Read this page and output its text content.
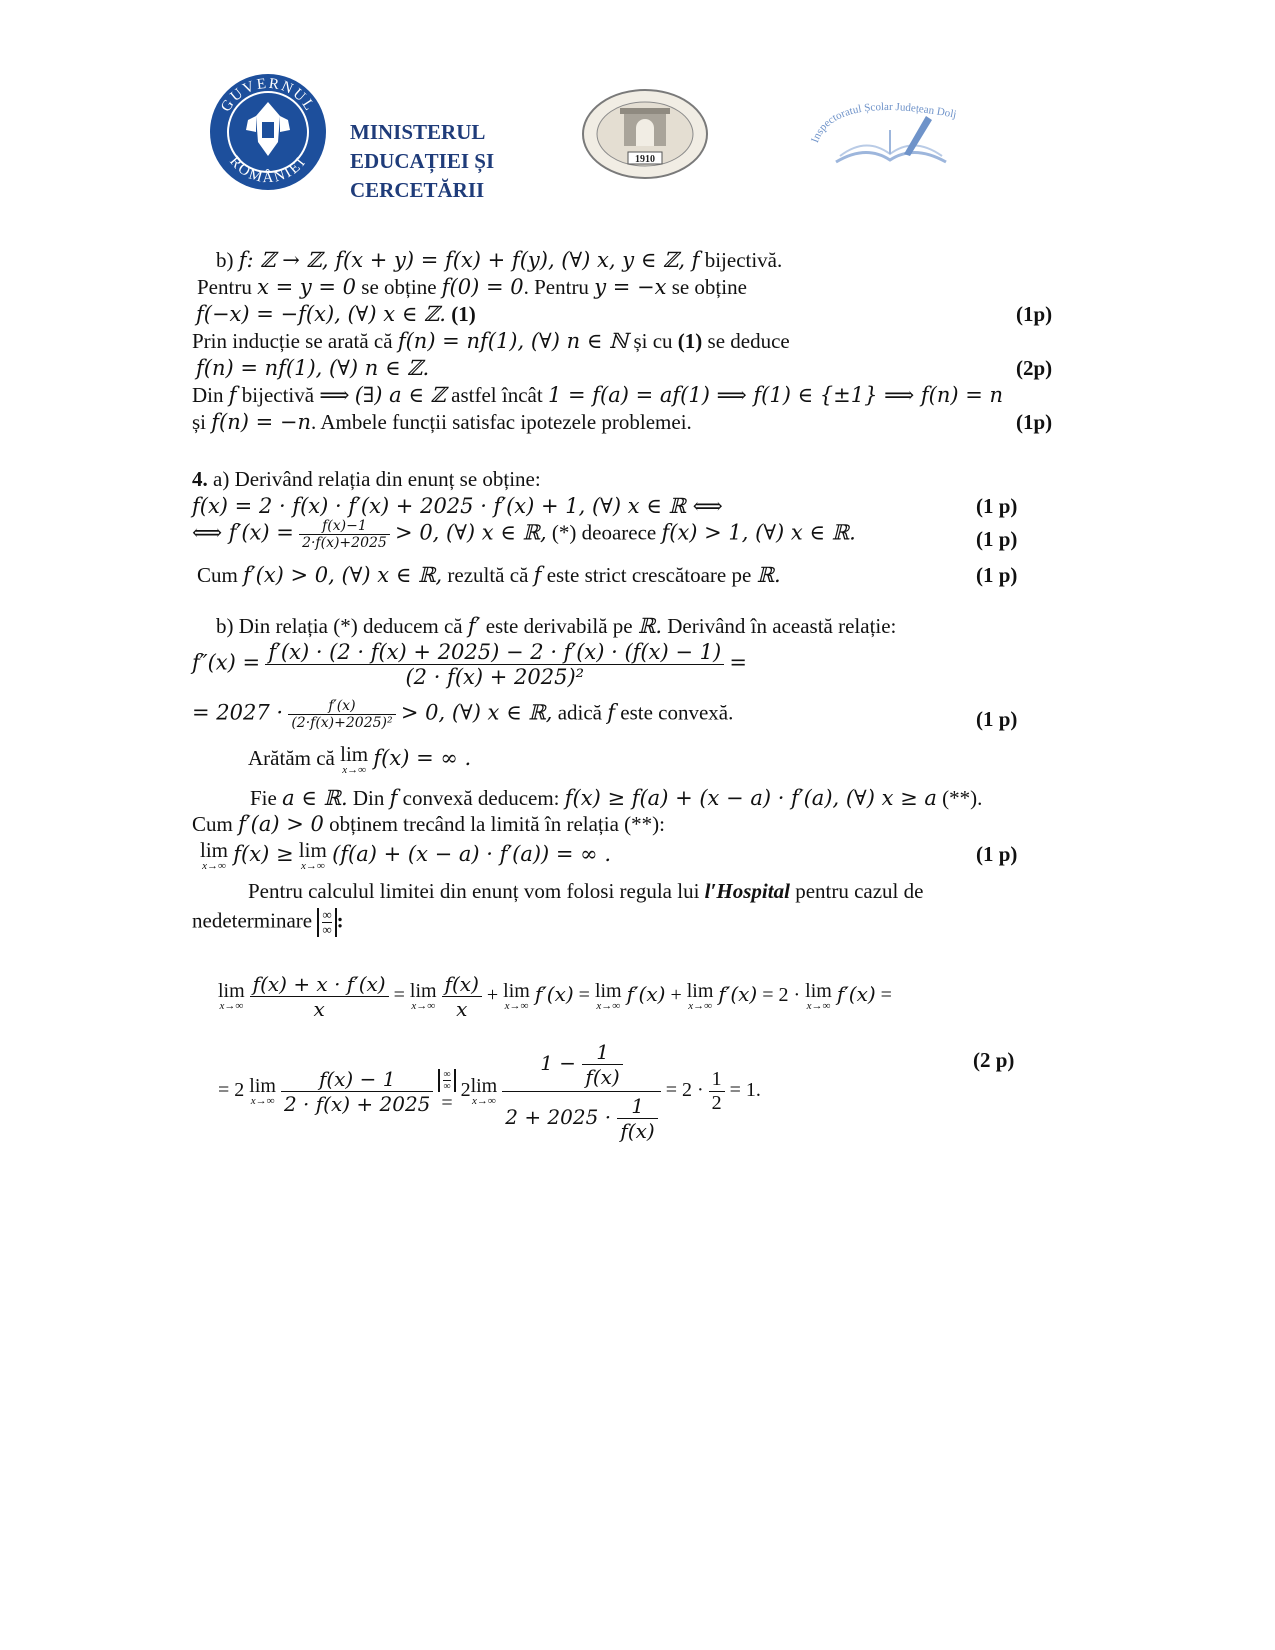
GUVERNUL
ROMÂNIEI
MINISTERUL
EDUCAȚIEI ȘI
CERCETĂRII
1910
Inspectoratul Școlar Județean Dolj
b) f: ℤ → ℤ, f(x + y) = f(x) + f(y), (∀) x, y ∈ ℤ, f bijectivă.
Pentru x = y = 0 se obține f(0) = 0. Pentru y = −x se obține
f(−x) = −f(x), (∀) x ∈ ℤ. (1)	(1p)
Prin inducție se arată că f(n) = nf(1), (∀) n ∈ ℕ și cu (1) se deduce
f(n) = nf(1), (∀) n ∈ ℤ.	(2p)
Din f bijectivă ⟹ (∃) a ∈ ℤ astfel încât 1 = f(a) = af(1) ⟹ f(1) ∈ {±1} ⟹ f(n) = n
și f(n) = −n. Ambele funcții satisfac ipotezele problemei.	(1p)
4. a) Derivând relația din enunț se obține:
f(x) = 2 · f(x) · f′(x) + 2025 · f′(x) + 1, (∀) x ∈ ℝ ⟺	(1 p)
⟺ $f'(x) = \frac{f(x)-1}{2\cdot f(x)+2025} > 0$, (∀) x ∈ ℝ, (*) deoarece f(x) > 1, (∀) x ∈ ℝ.	(1 p)
Cum f′(x) > 0, (∀) x ∈ ℝ, rezultă că f este strict crescătoare pe ℝ.	(1 p)
b) Din relația (*) deducem că f′ este derivabilă pe ℝ. Derivând în această relație:
$f''(x) = \frac{f'(x) \cdot (2 \cdot f(x) + 2025) - 2 \cdot f'(x) \cdot (f(x) - 1)}{\text{(2 · f(x) + 2025)²}}$ =
= $2027 \cdot \frac{f'(x)}{\text{(2·f(x)+2025)²}} > 0$, (∀) x ∈ ℝ, adică f este convexă.	(1 p)
Arătăm că lim
x→∞
f(x) = ∞ .
Fie a ∈ ℝ. Din f convexă deducem: f(x) ≥ f(a) + (x − a) · f′(a), (∀) x ≥ a (**).
Cum f′(a) > 0 obținem trecând la limită în relația (**):
lim
x→∞
f(x) ≥ lim
x→∞
(f(a) + (x − a) · f′(a)) = ∞ .	(1 p)
Pentru calculul limitei din enunț vom folosi regula lui l′Hospital pentru cazul de
nedeterminare ∞
∞ :
lim
x→∞
$\frac{f(x) + x \cdot f'(x)}{x} = \lim$
x→∞
$\frac{f(x)}{x} + \lim$
x→∞ f′(x) = lim
x→∞ f′(x) + lim
x→∞ f′(x) = 2 · lim
x→∞ f′(x) =
= 2 lim
x→∞
$\frac{f(x) - 1}{2 \cdot f(x) + 2025}$
∞
∞

= 2lim
x→∞
$\frac{1 - \frac{1}{f(x)}}{2 + 2025 \cdot \frac{1}{f(x)}} = 2 \cdot \frac{1}{2} = 1$.
(2 p)
